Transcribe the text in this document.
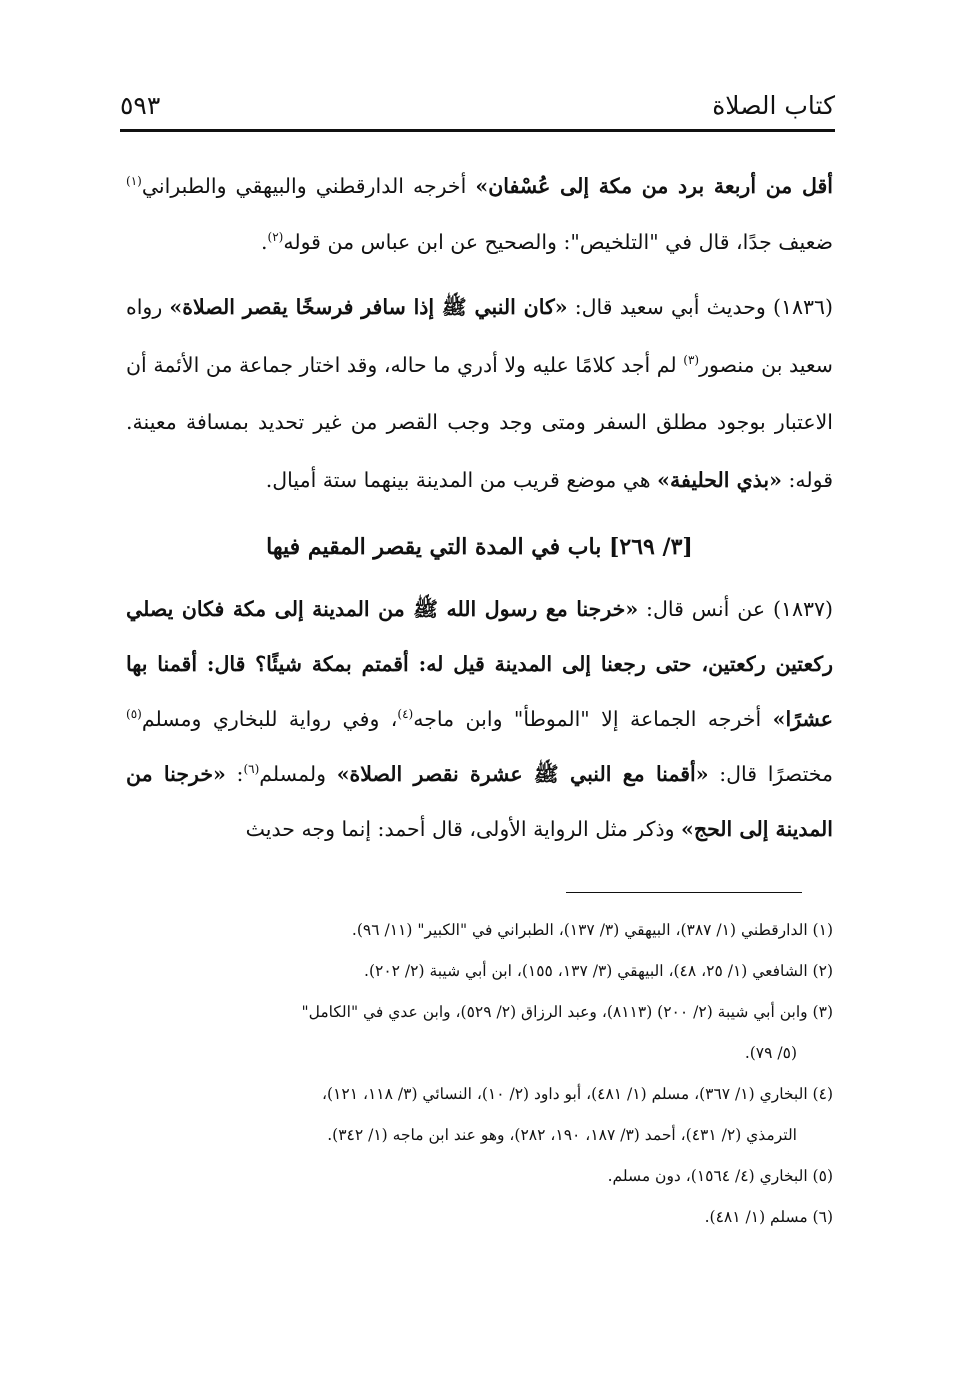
كتاب الصلاة
٥٩٣

أقل من أربعة برد من مكة إلى عُسْفان» أخرجه الدارقطني والبيهقي والطبراني$^{(١)}$ ضعيف جدًا، قال في "التلخيص": والصحيح عن ابن عباس من قوله$^{(٢)}$.

(١٨٣٦) وحديث أبي سعيد قال: «كان النبي ﷺ إذا سافر فرسخًا يقصر الصلاة» رواه سعيد بن منصور$^{(٣)}$ لم أجد كلامًا عليه ولا أدري ما حاله، وقد اختار جماعة من الأئمة أن الاعتبار بوجود مطلق السفر ومتى وجد وجب القصر من غير تحديد بمسافة معينة. قوله: «بذي الحليفة» هي موضع قريب من المدينة بينهما ستة أميال.

[٣/ ٢٦٩] باب في المدة التي يقصر المقيم فيها

(١٨٣٧) عن أنس قال: «خرجنا مع رسول الله ﷺ من المدينة إلى مكة فكان يصلي ركعتين ركعتين، حتى رجعنا إلى المدينة قيل له: أقمتم بمكة شيئًا؟ قال: أقمنا بها عشرًا» أخرجه الجماعة إلا "الموطأ" وابن ماجه$^{(٤)}$، وفي رواية للبخاري ومسلم$^{(٥)}$ مختصرًا قال: «أقمنا مع النبي ﷺ عشرة نقصر الصلاة» ولمسلم$^{(٦)}$: «خرجنا من المدينة إلى الحج» وذكر مثل الرواية الأولى، قال أحمد: إنما وجه حديث

(١) الدارقطني (١/ ٣٨٧)، البيهقي (٣/ ١٣٧)، الطبراني في "الكبير" (١١/ ٩٦).
(٢) الشافعي (١/ ٢٥، ٤٨)، البيهقي (٣/ ١٣٧، ١٥٥)، ابن أبي شيبة (٢/ ٢٠٢).
(٣) وابن أبي شيبة (٢/ ٢٠٠) (٨١١٣)، وعبد الرزاق (٢/ ٥٢٩)، وابن عدي في "الكامل"
(٥/ ٧٩).
(٤) البخاري (١/ ٣٦٧)، مسلم (١/ ٤٨١)، أبو داود (٢/ ١٠)، النسائي (٣/ ١١٨، ١٢١)،
الترمذي (٢/ ٤٣١)، أحمد (٣/ ١٨٧، ١٩٠، ٢٨٢)، وهو عند ابن ماجه (١/ ٣٤٢).
(٥) البخاري (٤/ ١٥٦٤)، دون مسلم.
(٦) مسلم (١/ ٤٨١).
